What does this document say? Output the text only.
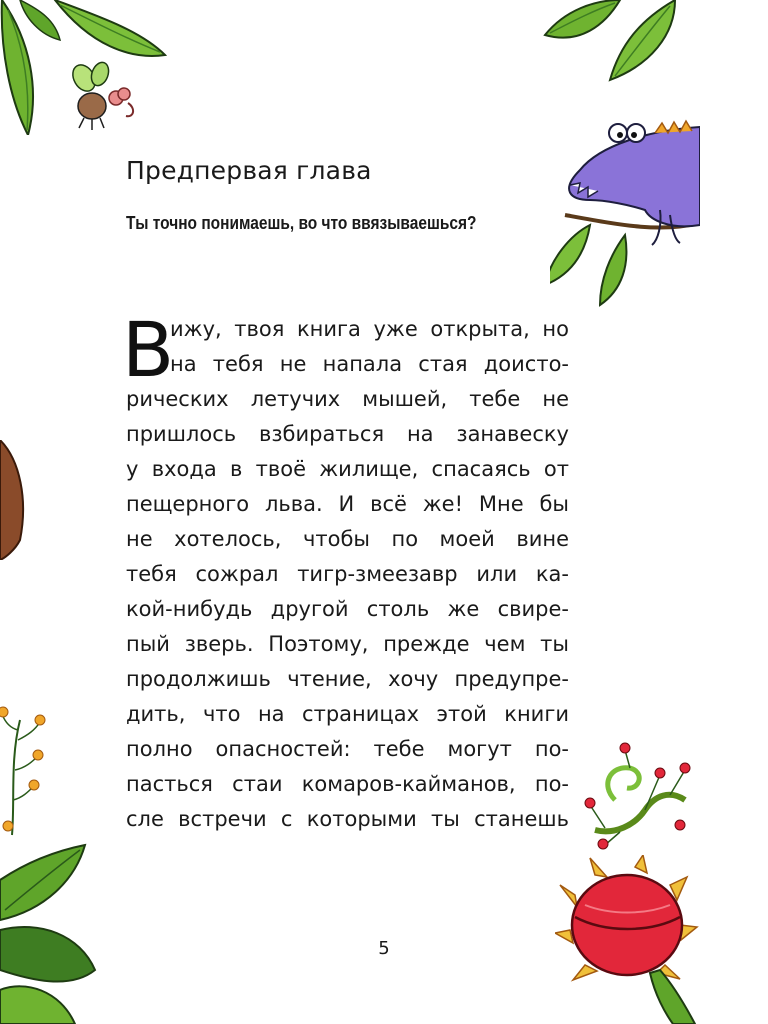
Предпервая глава
Ты точно понимаешь, во что ввязываешься?
В
ижу, твоя книга уже открыта, но
на тебя не напала стая доисто-
рических летучих мышей, тебе не
пришлось взбираться на занавеску
у входа в твоё жилище, спасаясь от
пещерного льва. И всё же! Мне бы
не хотелось, чтобы по моей вине
тебя сожрал тигр-змеезавр или ка-
кой-нибудь другой столь же свире-
пый зверь. Поэтому, прежде чем ты
продолжишь чтение, хочу предупре-
дить, что на страницах этой книги
полно опасностей: тебе могут по-
пасться стаи комаров-кайманов, по-
сле встречи с которыми ты станешь
5
